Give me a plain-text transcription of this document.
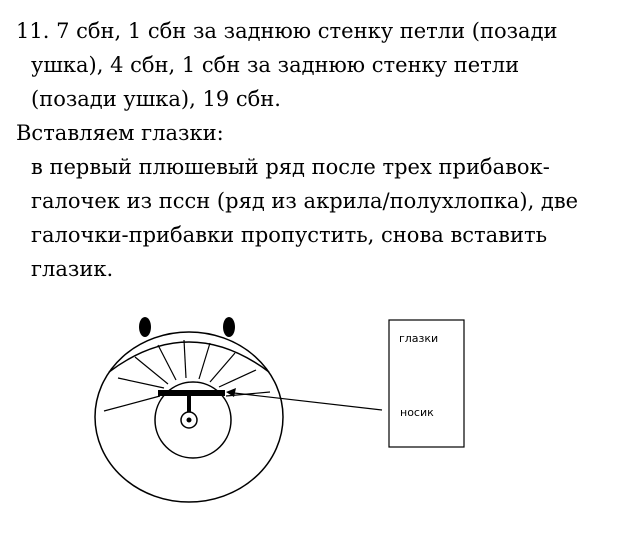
11. 7 сбн, 1 сбн за заднюю стенку петли (позади
ушка), 4 сбн, 1 сбн за заднюю стенку петли
(позади ушка), 19 сбн.
Вставляем глазки:
в первый плюшевый ряд после трех прибавок-
галочек из пссн (ряд из акрила/полухлопка), две
галочки-прибавки пропустить, снова вставить
глазик.
глазки
носик
